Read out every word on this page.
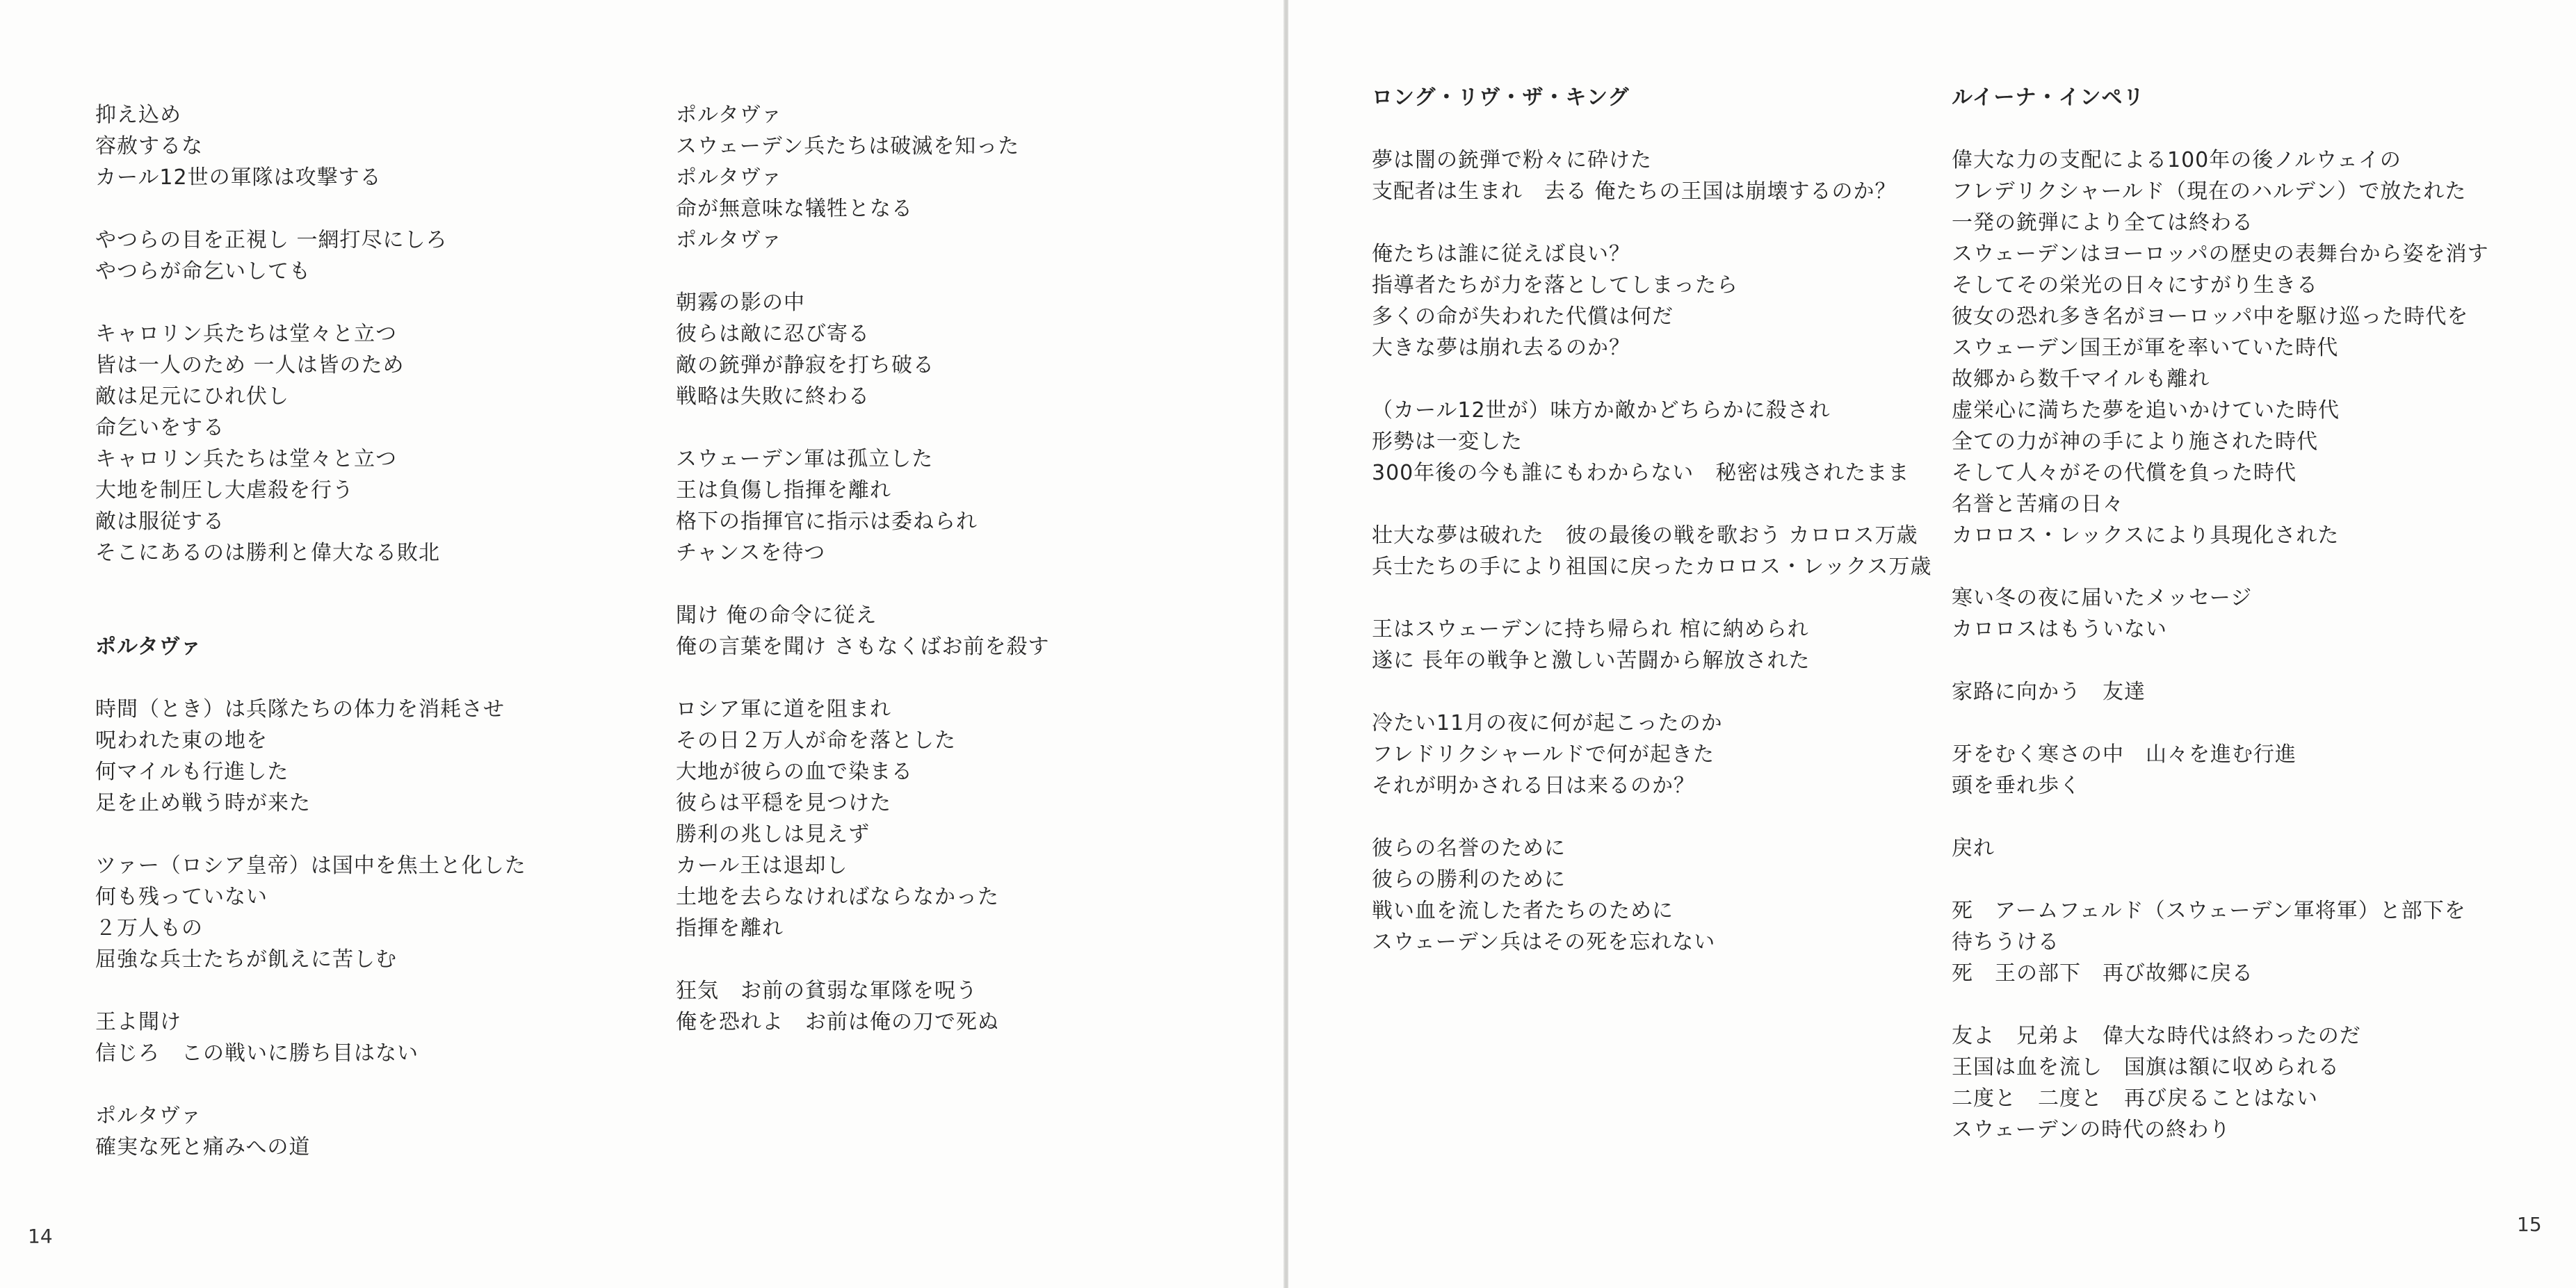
抑え込め
容赦するな
カール12世の軍隊は攻撃する
やつらの目を正視し 一網打尽にしろ
やつらが命乞いしても
キャロリン兵たちは堂々と立つ
皆は一人のため 一人は皆のため
敵は足元にひれ伏し
命乞いをする
キャロリン兵たちは堂々と立つ
大地を制圧し大虐殺を行う
敵は服従する
そこにあるのは勝利と偉大なる敗北
ポルタヴァ
時間（とき）は兵隊たちの体力を消耗させ
呪われた東の地を
何マイルも行進した
足を止め戦う時が来た
ツァー（ロシア皇帝）は国中を焦土と化した
何も残っていない
２万人もの
屈強な兵士たちが飢えに苦しむ
王よ聞け
信じろ　この戦いに勝ち目はない
ポルタヴァ
確実な死と痛みへの道
ポルタヴァ
スウェーデン兵たちは破滅を知った
ポルタヴァ
命が無意味な犠牲となる
ポルタヴァ
朝霧の影の中
彼らは敵に忍び寄る
敵の銃弾が静寂を打ち破る
戦略は失敗に終わる
スウェーデン軍は孤立した
王は負傷し指揮を離れ
格下の指揮官に指示は委ねられ
チャンスを待つ
聞け 俺の命令に従え
俺の言葉を聞け さもなくばお前を殺す
ロシア軍に道を阻まれ
その日２万人が命を落とした
大地が彼らの血で染まる
彼らは平穏を見つけた
勝利の兆しは見えず
カール王は退却し
土地を去らなければならなかった
指揮を離れ
狂気　お前の貧弱な軍隊を呪う
俺を恐れよ　お前は俺の刀で死ぬ
14
ロング・リヴ・ザ・キング
夢は闇の銃弾で粉々に砕けた
支配者は生まれ　去る 俺たちの王国は崩壊するのか？
俺たちは誰に従えば良い？
指導者たちが力を落としてしまったら
多くの命が失われた代償は何だ
大きな夢は崩れ去るのか？
（カール12世が）味方か敵かどちらかに殺され
形勢は一変した
300年後の今も誰にもわからない　秘密は残されたまま
壮大な夢は破れた　彼の最後の戦を歌おう カロロス万歳
兵士たちの手により祖国に戻ったカロロス・レックス万歳
王はスウェーデンに持ち帰られ 棺に納められ
遂に 長年の戦争と激しい苦闘から解放された
冷たい11月の夜に何が起こったのか
フレドリクシャールドで何が起きた
それが明かされる日は来るのか？
彼らの名誉のために
彼らの勝利のために
戦い血を流した者たちのために
スウェーデン兵はその死を忘れない
ルイーナ・インペリ
偉大な力の支配による100年の後ノルウェイの
フレデリクシャールド（現在のハルデン）で放たれた
一発の銃弾により全ては終わる
スウェーデンはヨーロッパの歴史の表舞台から姿を消す
そしてその栄光の日々にすがり生きる
彼女の恐れ多き名がヨーロッパ中を駆け巡った時代を
スウェーデン国王が軍を率いていた時代
故郷から数千マイルも離れ
虚栄心に満ちた夢を追いかけていた時代
全ての力が神の手により施された時代
そして人々がその代償を負った時代
名誉と苦痛の日々
カロロス・レックスにより具現化された
寒い冬の夜に届いたメッセージ
カロロスはもういない
家路に向かう　友達
牙をむく寒さの中　山々を進む行進
頭を垂れ歩く
戻れ
死　アームフェルド（スウェーデン軍将軍）と部下を
待ちうける
死　王の部下　再び故郷に戻る
友よ　兄弟よ　偉大な時代は終わったのだ
王国は血を流し　国旗は額に収められる
二度と　二度と　再び戻ることはない
スウェーデンの時代の終わり
15
